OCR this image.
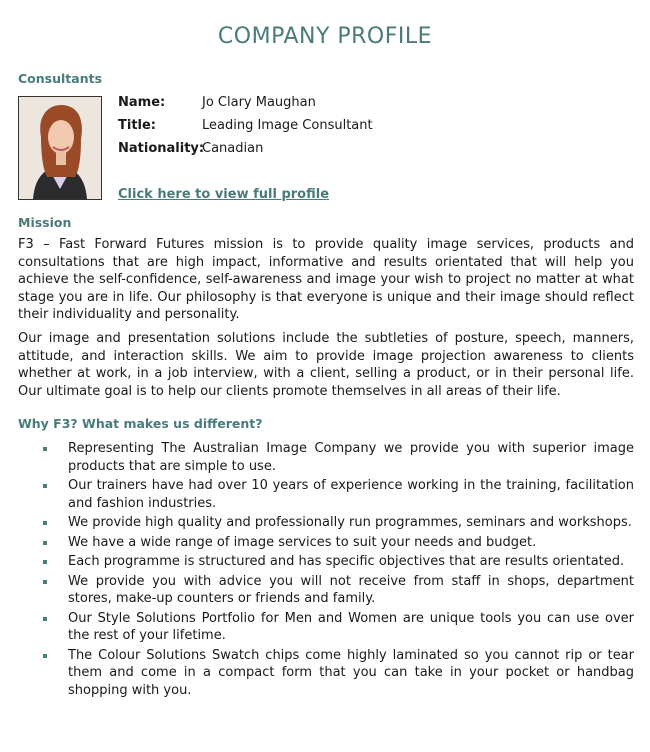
COMPANY PROFILE
Consultants
Name:	Jo Clary Maughan
Title:	Leading Image Consultant
Nationality:
Canadian
Click here to view full profile
Mission
F3 – Fast Forward Futures mission is to provide quality image services, products and consultations that are high impact, informative and results orientated that will help you achieve the self-confidence, self-awareness and image your wish to project no matter at what stage you are in life. Our philosophy is that everyone is unique and their image should reflect their individuality and personality.
Our image and presentation solutions include the subtleties of posture, speech, manners, attitude, and interaction skills. We aim to provide image projection awareness to clients whether at work, in a job interview, with a client, selling a product, or in their personal life. Our ultimate goal is to help our clients promote themselves in all areas of their life.
Why F3? What makes us different?
Representing The Australian Image Company we provide you with superior image products that are simple to use.
Our trainers have had over 10 years of experience working in the training, facilitation and fashion industries.
We provide high quality and professionally run programmes, seminars and workshops.
We have a wide range of image services to suit your needs and budget.
Each programme is structured and has specific objectives that are results orientated.
We provide you with advice you will not receive from staff in shops, department stores, make-up counters or friends and family.
Our Style Solutions Portfolio for Men and Women are unique tools you can use over the rest of your lifetime.
The Colour Solutions Swatch chips come highly laminated so you cannot rip or tear them and come in a compact form that you can take in your pocket or handbag shopping with you.
